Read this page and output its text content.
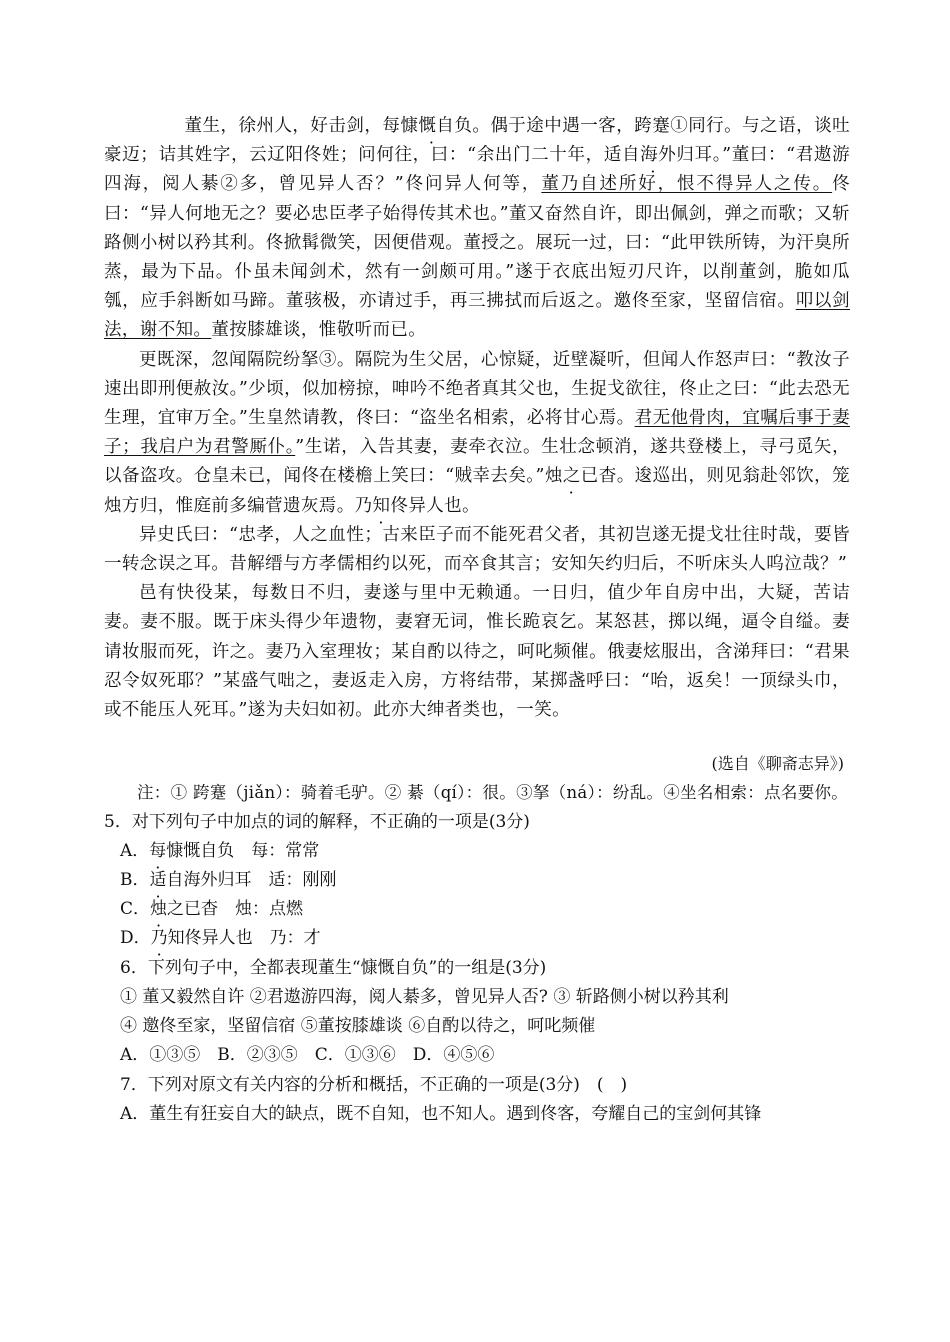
董生，徐州人，好击剑，每慷慨自负。偶于途中遇一客，跨蹇①同行。与之语，谈吐豪迈；诘其姓字，云辽阳佟姓；问何往，曰：“余出门二十年，适自海外归耳。”董曰：“君遨游四海，阅人綦②多，曾见异人否？”佟问异人何等，董乃自述所好，恨不得异人之传。佟曰：“异人何地无之？要必忠臣孝子始得传其术也。”董又奋然自许，即出佩剑，弹之而歌；又斩路侧小树以矜其利。佟掀髯微笑，因便借观。董授之。展玩一过，曰：“此甲铁所铸，为汗臭所蒸，最为下品。仆虽未闻剑术，然有一剑颇可用。”遂于衣底出短刃尺许，以削董剑，脆如瓜瓠，应手斜断如马蹄。董骇极，亦请过手，再三拂拭而后返之。邀佟至家，坚留信宿。叩以剑法，谢不知。董按膝雄谈，惟敬听而已。

更既深，忽闻隔院纷拏③。隔院为生父居，心惊疑，近壁凝听，但闻人作怒声曰：“教汝子速出即刑便赦汝。”少顷，似加榜掠，呻吟不绝者真其父也，生捉戈欲往，佟止之曰：“此去恐无生理，宜审万全。”生皇然请教，佟曰：“盗坐名相索，必将甘心焉。君无他骨肉，宜嘱后事于妻子；我启户为君警厮仆。”生诺，入告其妻，妻牵衣泣。生壮念顿消，遂共登楼上，寻弓觅矢，以备盗攻。仓皇未已，闻佟在楼檐上笑曰：“贼幸去矣。”烛之已杳。逡巡出，则见翁赴邻饮，笼烛方归，惟庭前多编菅遗灰焉。乃知佟异人也。

异史氏曰：“忠孝，人之血性；古来臣子而不能死君父者，其初岂遂无提戈壮往时哉，要皆一转念误之耳。昔解缙与方孝儒相约以死，而卒食其言；安知矢约归后，不听床头人呜泣哉？”

邑有快役某，每数日不归，妻遂与里中无赖通。一日归，值少年自房中出，大疑，苦诘妻。妻不服。既于床头得少年遗物，妻窘无词，惟长跪哀乞。某怒甚，掷以绳，逼令自缢。妻请妆服而死，许之。妻乃入室理妆；某自酌以待之，呵叱频催。俄妻炫服出，含涕拜曰：“君果忍令奴死耶？”某盛气咄之，妻返走入房，方将结带，某掷盏呼曰：“咍，返矣！一顶绿头巾，或不能压人死耳。”遂为夫妇如初。此亦大绅者类也，一笑。

(选自《聊斋志异》)

注：① 跨蹇（jiǎn）：骑着毛驴。② 綦（qí）：很。③拏（ná）：纷乱。④坐名相索：点名要你。

5．对下列句子中加点的词的解释，不正确的一项是(3分)

A．每慷慨自负　每：常常

B．适自海外归耳　适：刚刚

C．烛之已杳　烛：点燃

D．乃知佟异人也　乃：才

6．下列句子中，全都表现董生“慷慨自负”的一组是(3分)

① 董又毅然自许 ②君遨游四海，阅人綦多，曾见异人否? ③ 斩路侧小树以矜其利

④ 邀佟至家，坚留信宿 ⑤董按膝雄谈 ⑥自酌以待之，呵叱频催

A．①③⑤　B．②③⑤　C．①③⑥　D．④⑤⑥

7．下列对原文有关内容的分析和概括，不正确的一项是(3分)　(　)

A．董生有狂妄自大的缺点，既不自知，也不知人。遇到佟客，夸耀自己的宝剑何其锋
